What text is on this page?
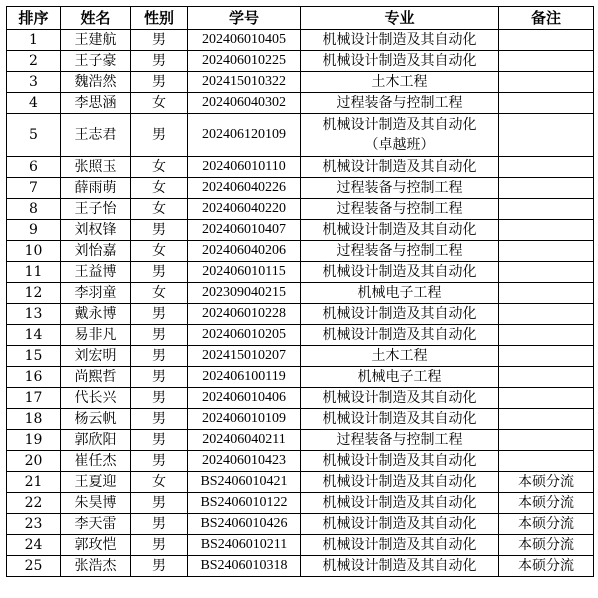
排序	姓名	性别	学号	专业	备注
1	王建航	男	202406010405	机械设计制造及其自动化	

2	王子豪	男	202406010225	机械设计制造及其自动化	

3	魏浩然	男	202415010322	土木工程	

4	李思涵	女	202406040302	过程装备与控制工程	

5	王志君	男	202406120109	机械设计制造及其自动化
（卓越班）	

6	张照玉	女	202406010110	机械设计制造及其自动化	

7	薛雨萌	女	202406040226	过程装备与控制工程	

8	王子怡	女	202406040220	过程装备与控制工程	

9	刘权锋	男	202406010407	机械设计制造及其自动化	

10	刘怡嘉	女	202406040206	过程装备与控制工程	

11	王益博	男	202406010115	机械设计制造及其自动化	

12	李羽童	女	202309040215	机械电子工程	

13	戴永博	男	202406010228	机械设计制造及其自动化	

14	易非凡	男	202406010205	机械设计制造及其自动化	

15	刘宏明	男	202415010207	土木工程	

16	尚熙哲	男	202406100119	机械电子工程	

17	代长兴	男	202406010406	机械设计制造及其自动化	

18	杨云帆	男	202406010109	机械设计制造及其自动化	

19	郭欣阳	男	202406040211	过程装备与控制工程	

20	崔任杰	男	202406010423	机械设计制造及其自动化	

21	王夏迎	女	BS2406010421	机械设计制造及其自动化	本硕分流
22	朱昊博	男	BS2406010122	机械设计制造及其自动化	本硕分流
23	李天雷	男	BS2406010426	机械设计制造及其自动化	本硕分流
24	郭玫恺	男	BS2406010211	机械设计制造及其自动化	本硕分流
25	张浩杰	男	BS2406010318	机械设计制造及其自动化	本硕分流
